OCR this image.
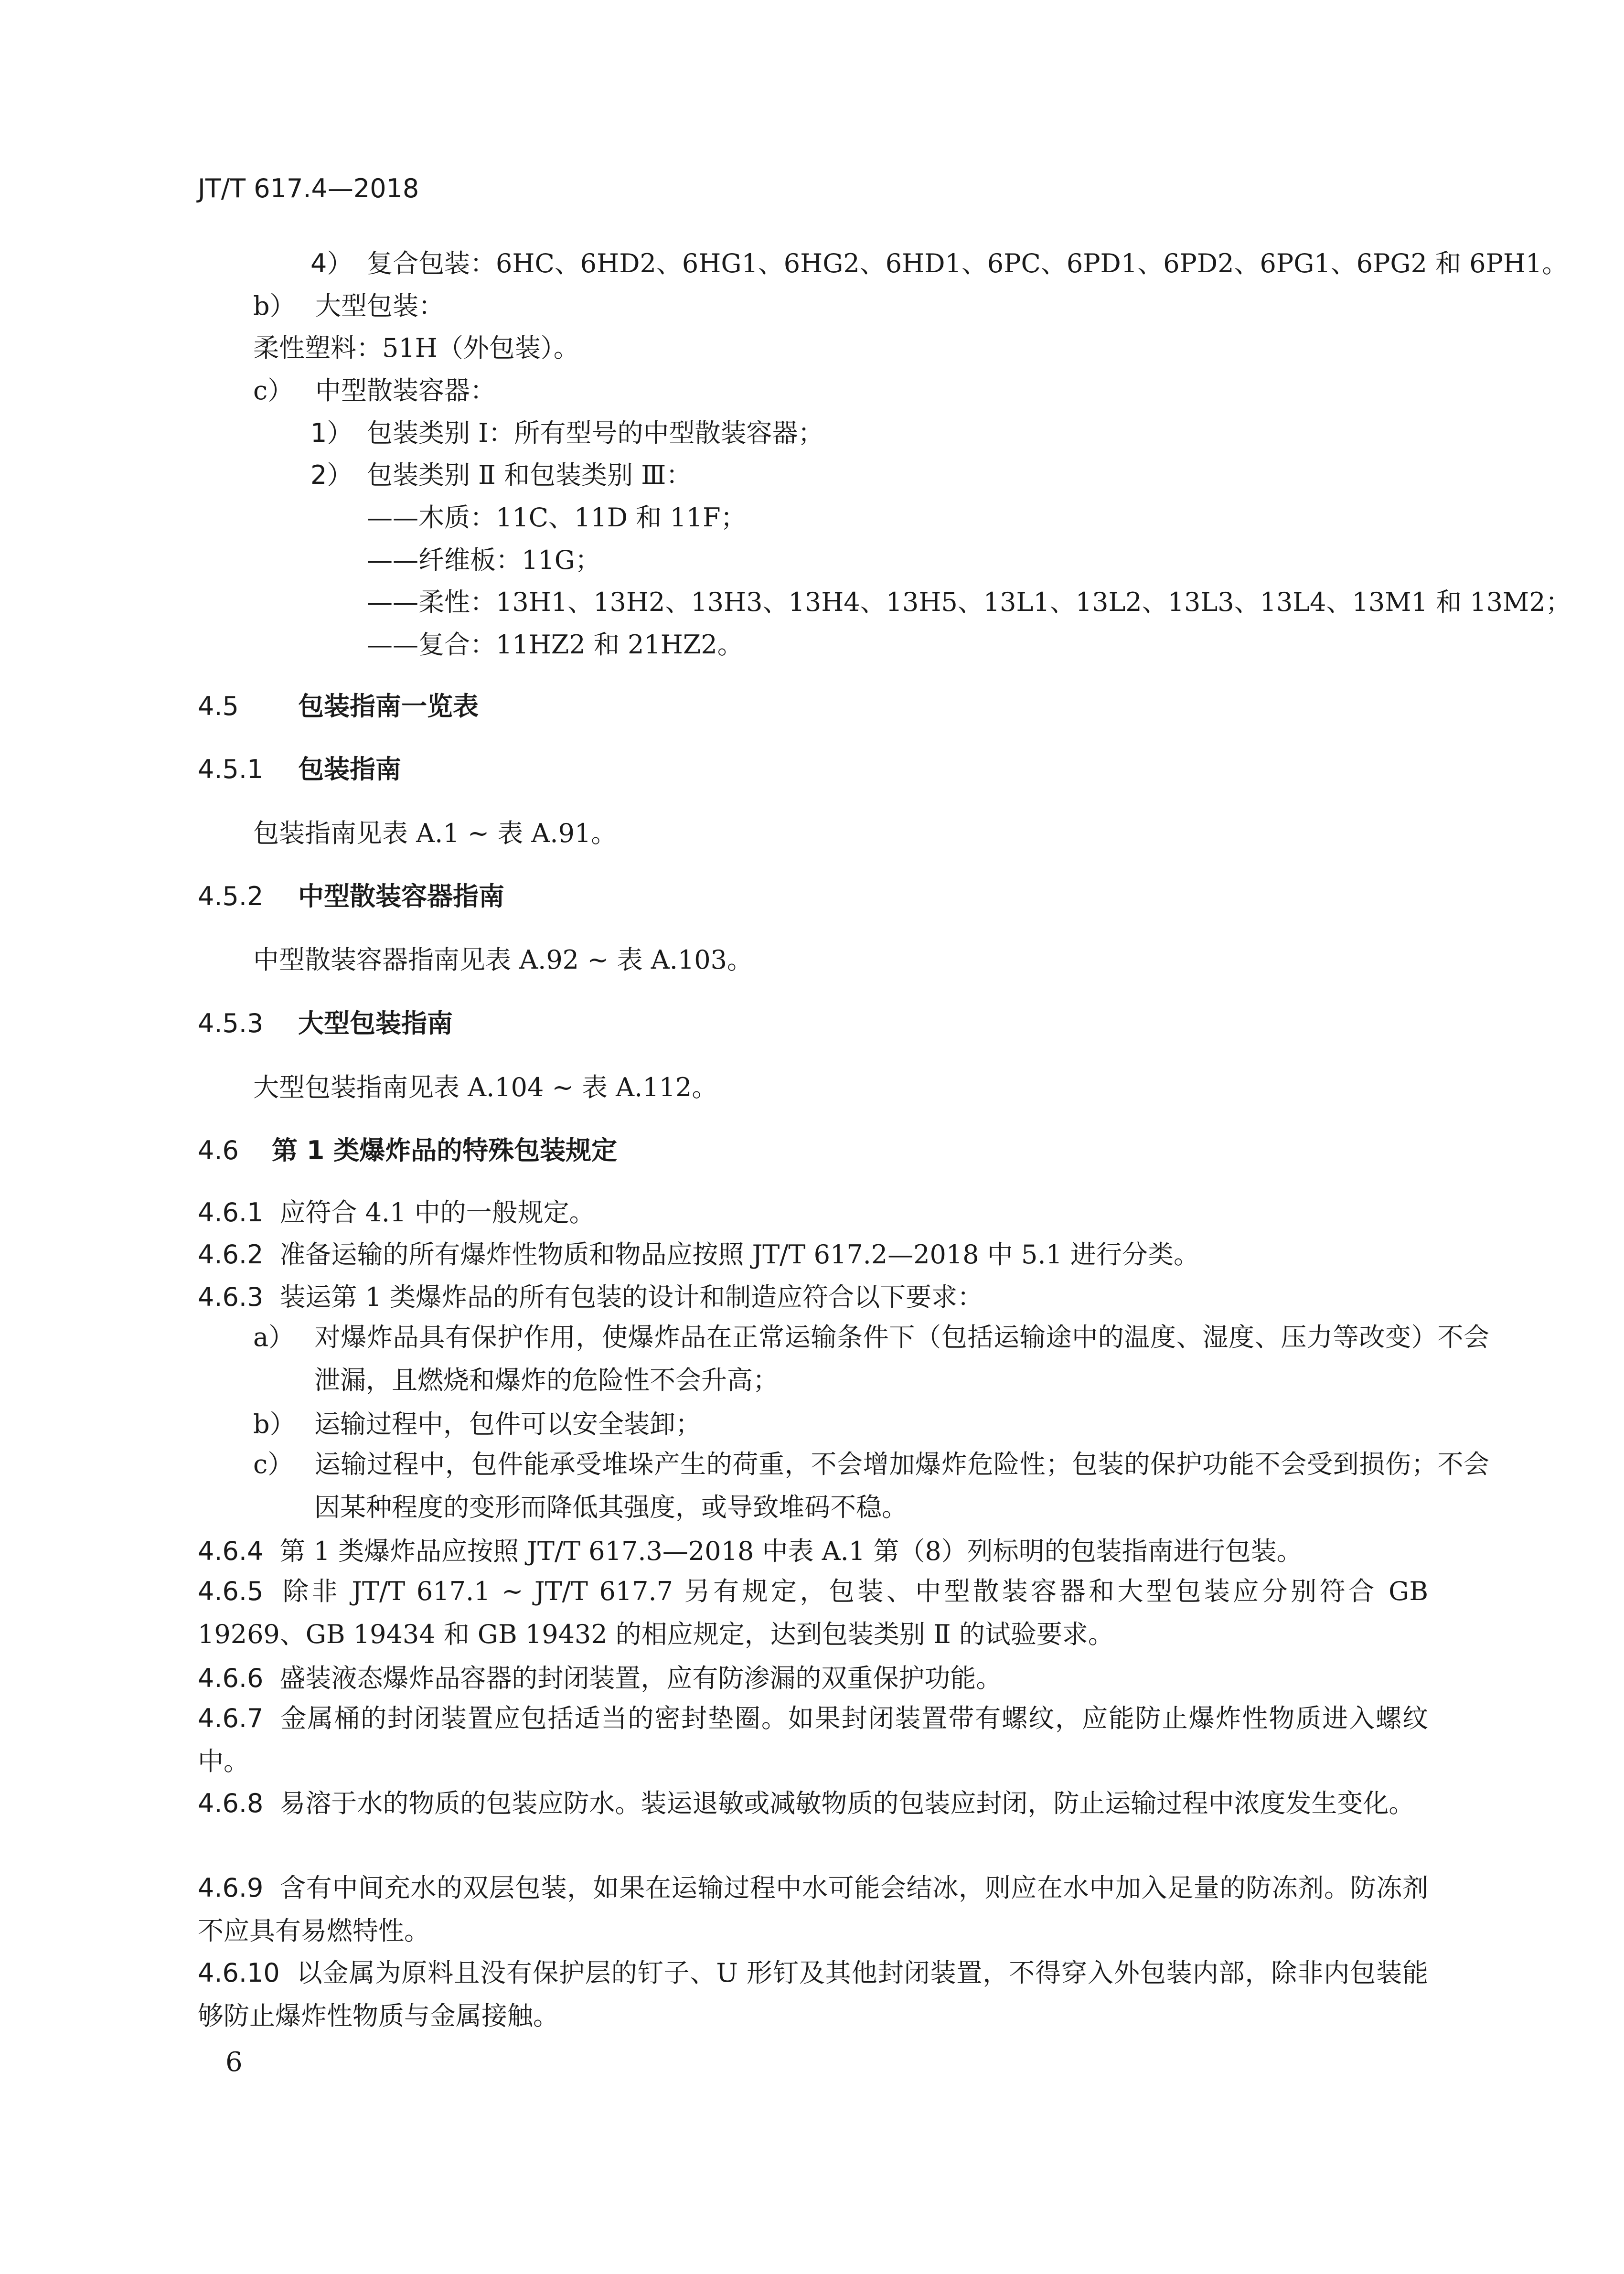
JT/T 617.4—2018
4） 复合包装：6HC、6HD2、6HG1、6HG2、6HD1、6PC、6PD1、6PD2、6PG1、6PG2 和 6PH1。
b） 大型包装：
柔性塑料：51H（外包装）。
c） 中型散装容器：
1） 包装类别 Ⅰ：所有型号的中型散装容器；
2） 包装类别 Ⅱ 和包装类别 Ⅲ：
——木质：11C、11D 和 11F；
——纤维板：11G；
——柔性：13H1、13H2、13H3、13H4、13H5、13L1、13L2、13L3、13L4、13M1 和 13M2；
——复合：11HZ2 和 21HZ2。
4.5 包装指南一览表
4.5.1 包装指南
包装指南见表 A.1 ~ 表 A.91。
4.5.2 中型散装容器指南
中型散装容器指南见表 A.92 ~ 表 A.103。
4.5.3 大型包装指南
大型包装指南见表 A.104 ~ 表 A.112。
4.6 第 1 类爆炸品的特殊包装规定
4.6.1 应符合 4.1 中的一般规定。
4.6.2 准备运输的所有爆炸性物质和物品应按照 JT/T 617.2—2018 中 5.1 进行分类。
4.6.3 装运第 1 类爆炸品的所有包装的设计和制造应符合以下要求：
a） 对爆炸品具有保护作用，使爆炸品在正常运输条件下（包括运输途中的温度、湿度、压力等改变）不会泄漏，且燃烧和爆炸的危险性不会升高；
b） 运输过程中，包件可以安全装卸；
c） 运输过程中，包件能承受堆垛产生的荷重，不会增加爆炸危险性；包装的保护功能不会受到损伤；不会因某种程度的变形而降低其强度，或导致堆码不稳。
4.6.4 第 1 类爆炸品应按照 JT/T 617.3—2018 中表 A.1 第（8）列标明的包装指南进行包装。
4.6.5 除非 JT/T 617.1 ~ JT/T 617.7 另有规定，包装、中型散装容器和大型包装应分别符合 GB 19269、GB 19434 和 GB 19432 的相应规定，达到包装类别 Ⅱ 的试验要求。
4.6.6 盛装液态爆炸品容器的封闭装置，应有防渗漏的双重保护功能。
4.6.7 金属桶的封闭装置应包括适当的密封垫圈。如果封闭装置带有螺纹，应能防止爆炸性物质进入螺纹中。
4.6.8 易溶于水的物质的包装应防水。装运退敏或减敏物质的包装应封闭，防止运输过程中浓度发生变化。
4.6.9 含有中间充水的双层包装，如果在运输过程中水可能会结冰，则应在水中加入足量的防冻剂。防冻剂不应具有易燃特性。
4.6.10 以金属为原料且没有保护层的钉子、U 形钉及其他封闭装置，不得穿入外包装内部，除非内包装能够防止爆炸性物质与金属接触。
6
